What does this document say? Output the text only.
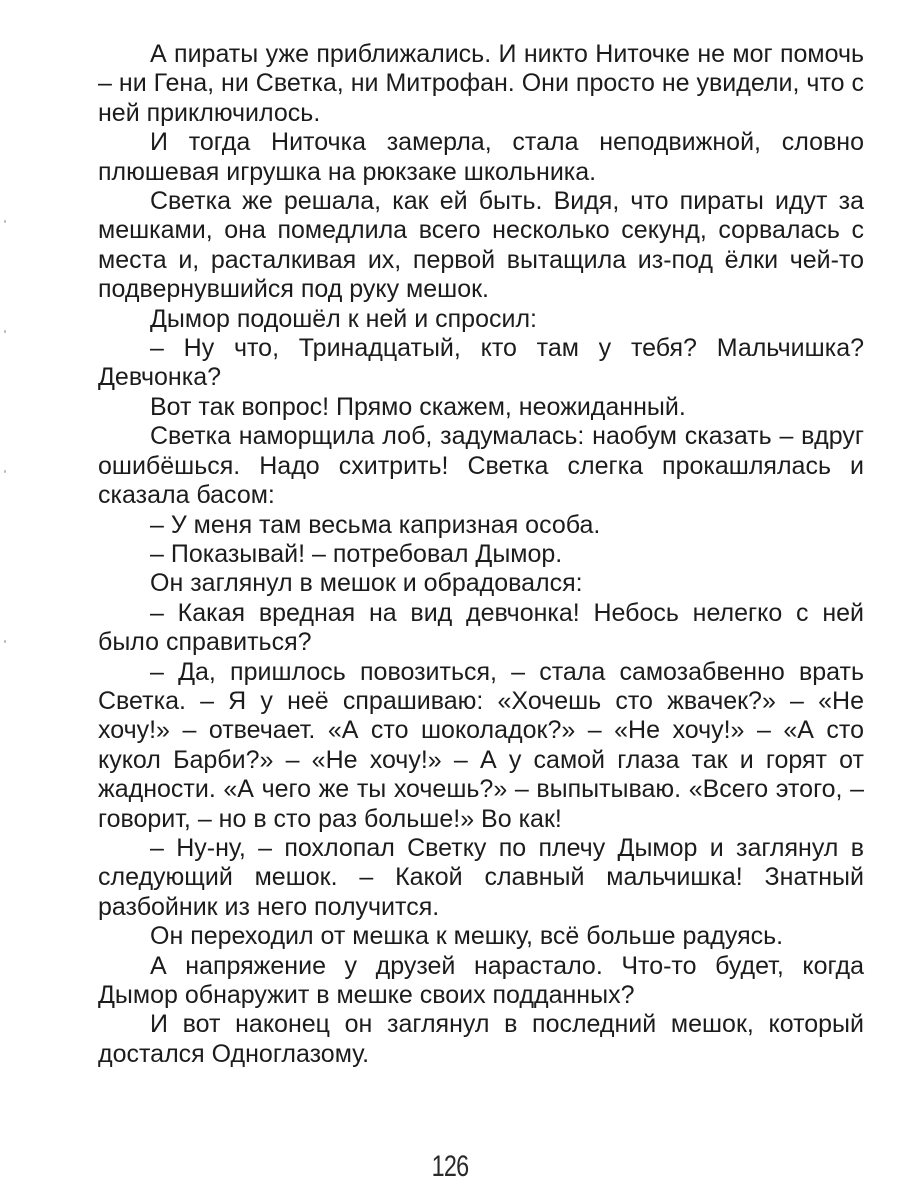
А пираты уже приближались. И никто Ниточке не мог помочь – ни Гена, ни Светка, ни Митрофан. Они просто не увидели, что с ней приключилось.

И тогда Ниточка замерла, стала неподвижной, словно плюшевая игрушка на рюкзаке школьника.

Светка же решала, как ей быть. Видя, что пираты идут за мешками, она помедлила всего несколько секунд, сорвалась с места и, расталкивая их, первой вытащила из-под ёлки чей-то подвернувшийся под руку мешок.

Дымор подошёл к ней и спросил:

– Ну что, Тринадцатый, кто там у тебя? Мальчишка? Девчонка?

Вот так вопрос! Прямо скажем, неожиданный.

Светка наморщила лоб, задумалась: наобум сказать – вдруг ошибёшься. Надо схитрить! Светка слегка прокашлялась и сказала басом:

– У меня там весьма капризная особа.

– Показывай! – потребовал Дымор.

Он заглянул в мешок и обрадовался:

– Какая вредная на вид девчонка! Небось нелегко с ней было справиться?

– Да, пришлось повозиться, – стала самозабвенно врать Светка. – Я у неё спрашиваю: «Хочешь сто жвачек?» – «Не хочу!» – отвечает. «А сто шоколадок?» – «Не хочу!» – «А сто кукол Барби?» – «Не хочу!» – А у самой глаза так и горят от жадности. «А чего же ты хочешь?» – выпытываю. «Всего этого, – говорит, – но в сто раз больше!» Во как!

– Ну-ну, – похлопал Светку по плечу Дымор и заглянул в следующий мешок. – Какой славный мальчишка! Знатный разбойник из него получится.

Он переходил от мешка к мешку, всё больше радуясь.

А напряжение у друзей нарастало. Что-то будет, когда Дымор обнаружит в мешке своих подданных?

И вот наконец он заглянул в последний мешок, который достался Одноглазому.

126
